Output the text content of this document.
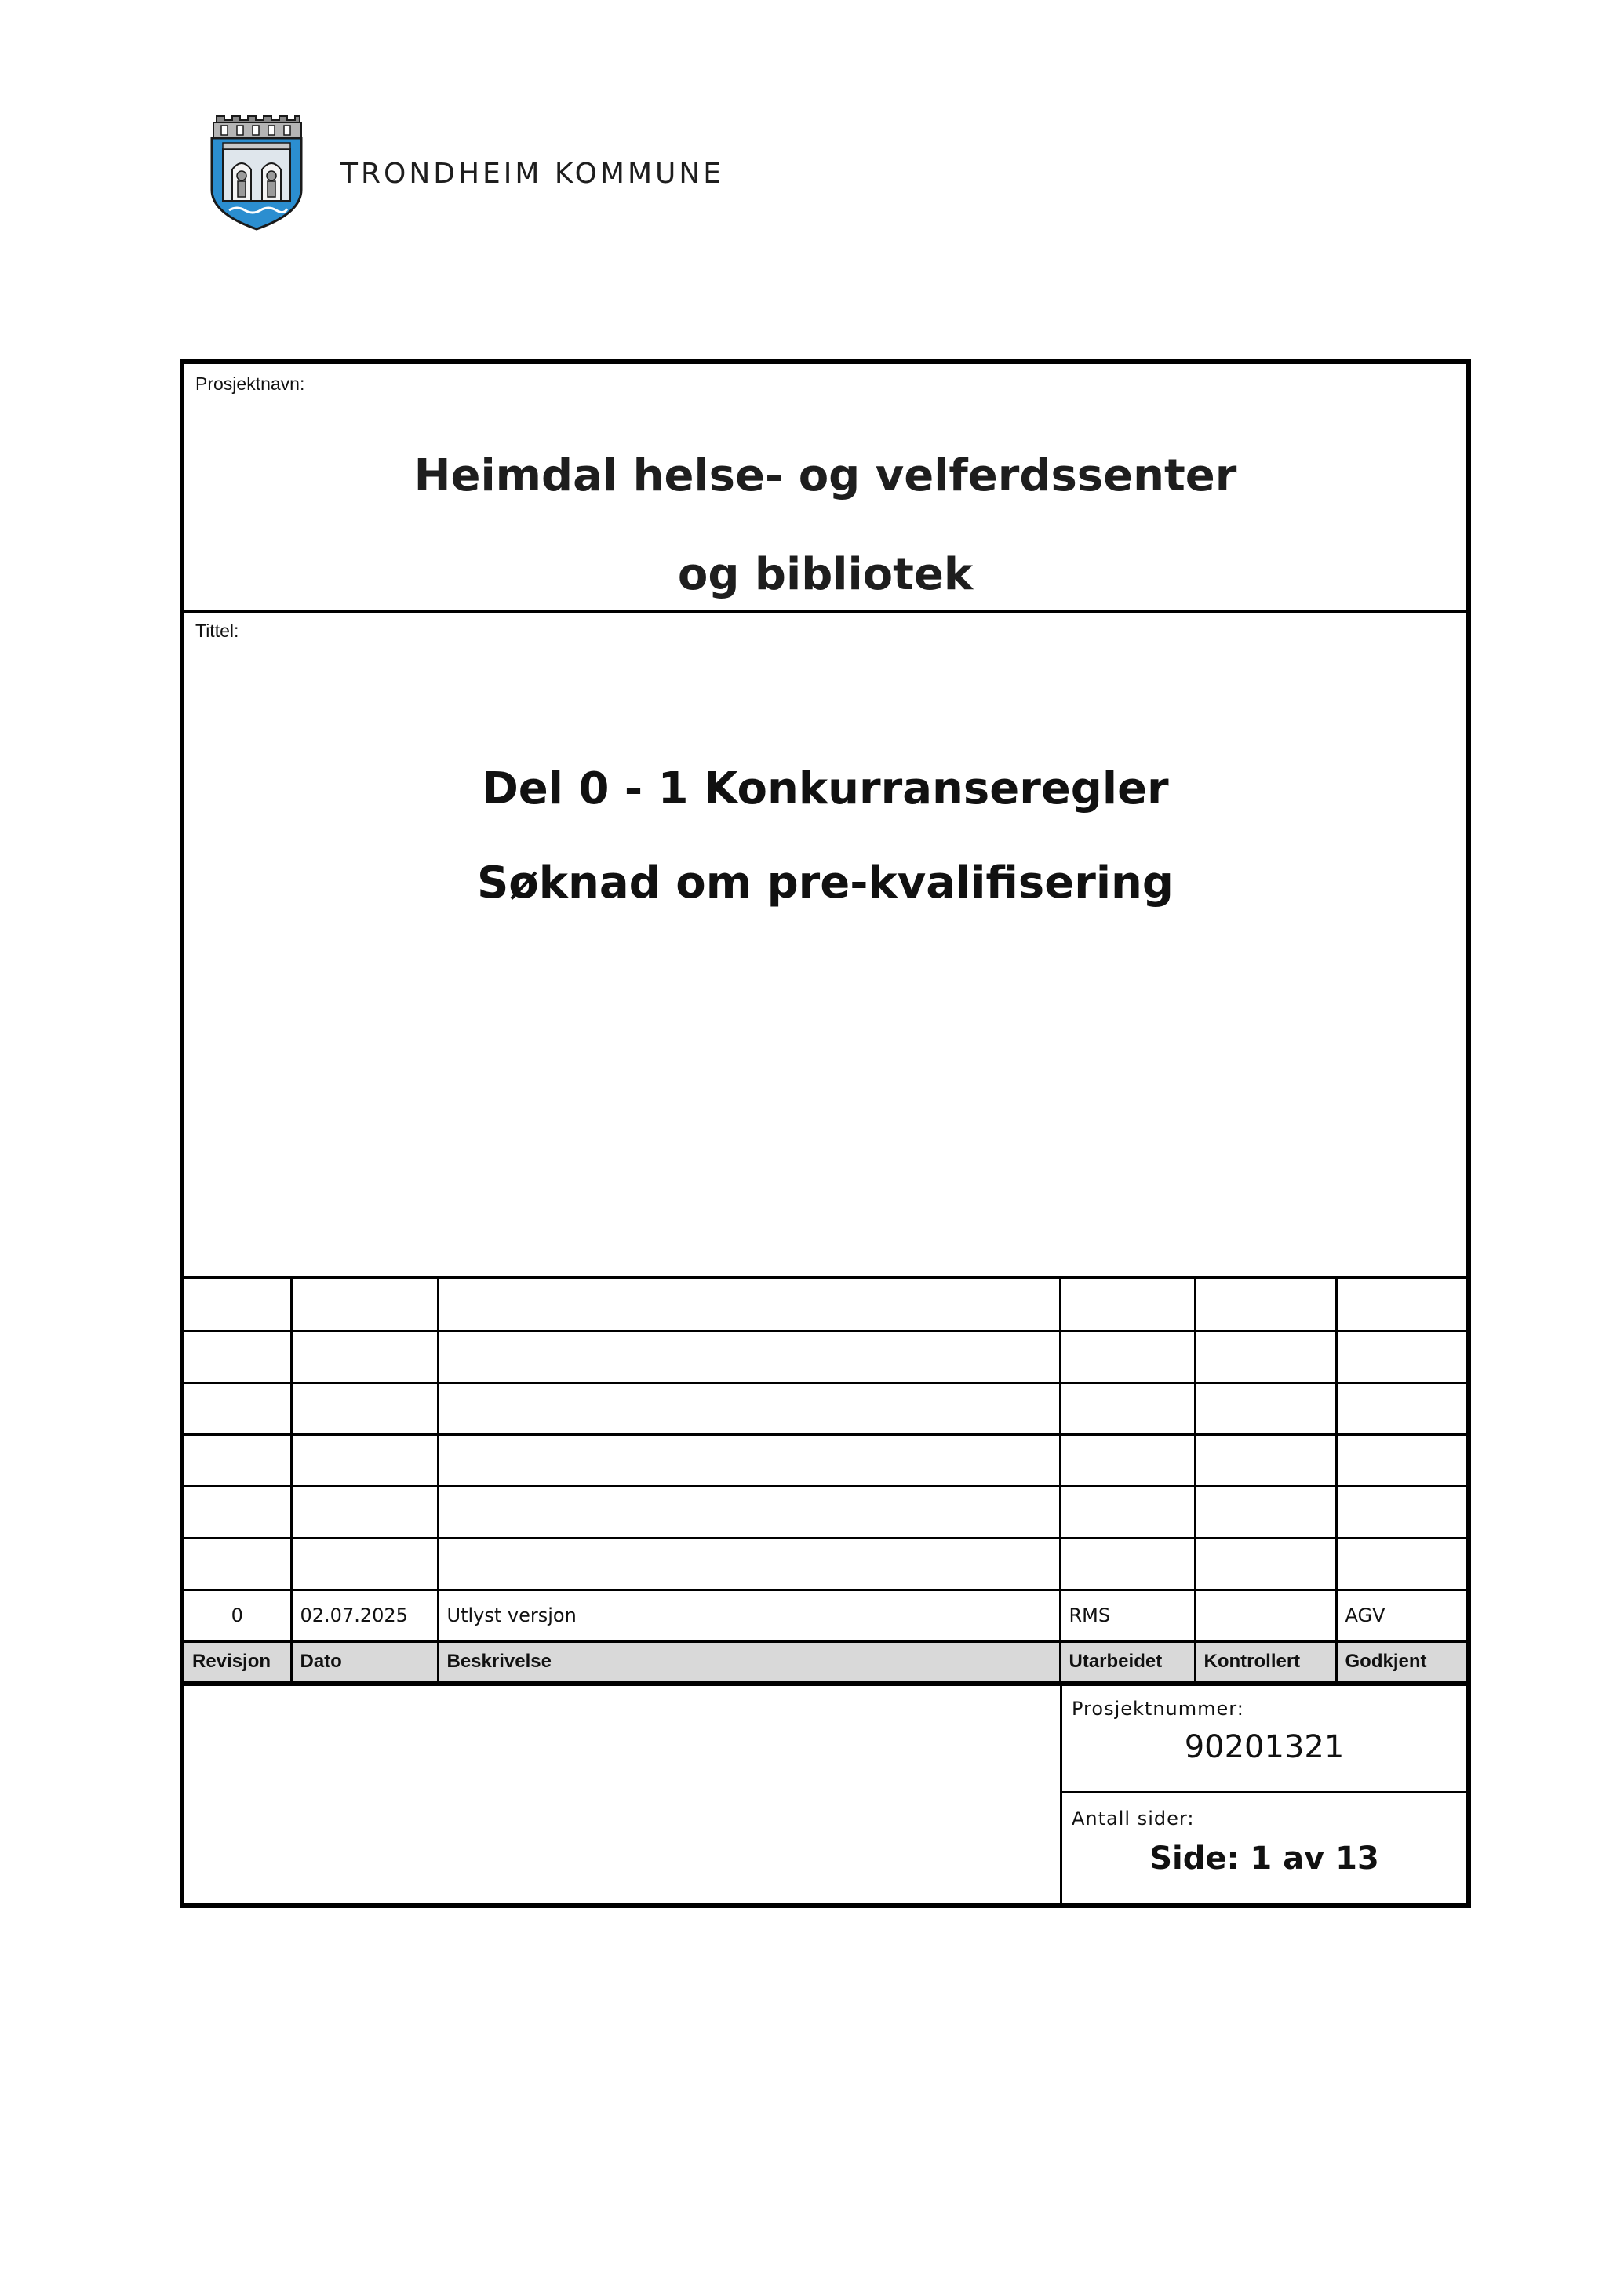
TRONDHEIM KOMMUNE
Prosjektnavn:
Heimdal helse- og velferdssenter
og bibliotek
Tittel:
Del 0 - 1 Konkurranseregler
Søknad om pre-kvalifisering

0	02.07.2025	Utlyst versjon	RMS		AGV
Revisjon	Dato	Beskrivelse	Utarbeidet	Kontrollert	Godkjent
Prosjektnummer:
90201321
Antall sider:
Side: 1 av 13
